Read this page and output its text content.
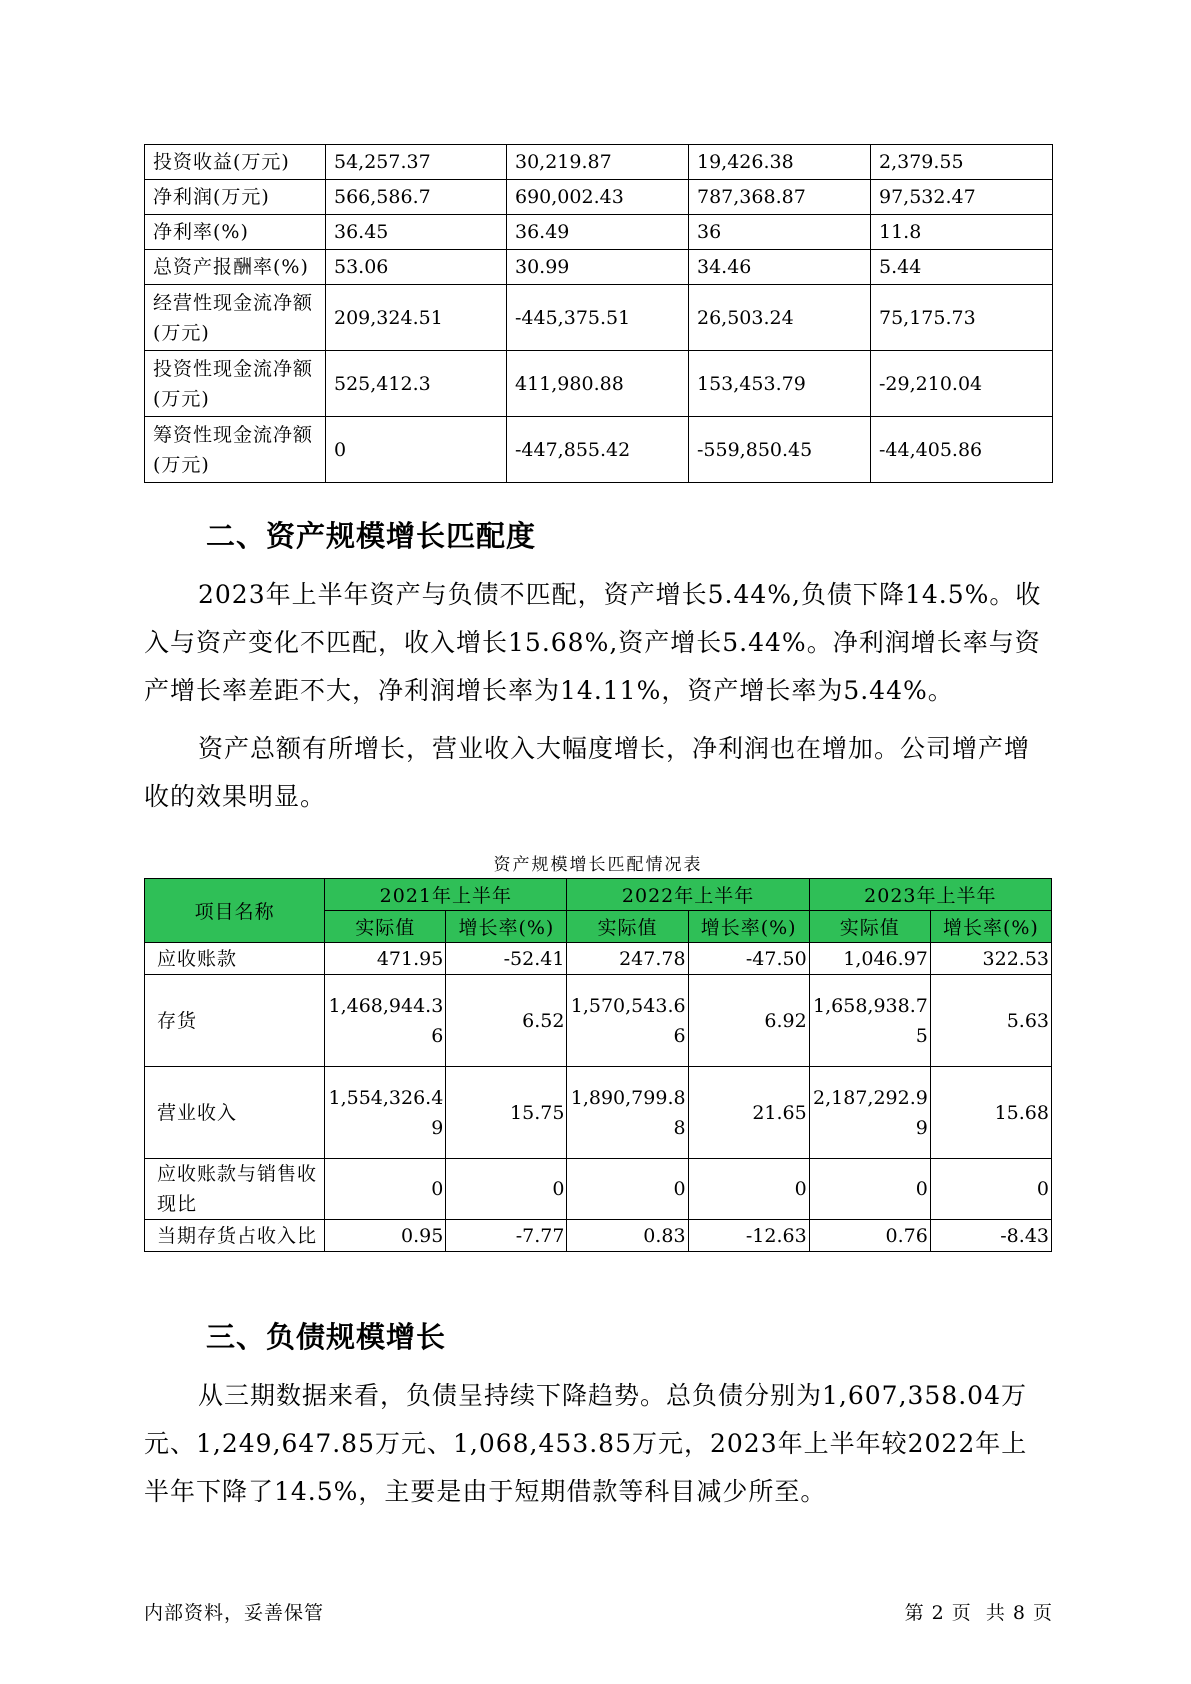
投资收益(万元)	54,257.37	30,219.87	19,426.38	2,379.55
净利润(万元)	566,586.7	690,002.43	787,368.87	97,532.47
净利率(%)	36.45	36.49	36	11.8
总资产报酬率(%)	53.06	30.99	34.46	5.44
经营性现金流净额(万元)	209,324.51	-445,375.51	26,503.24	75,175.73
投资性现金流净额(万元)	525,412.3	411,980.88	153,453.79	-29,210.04
筹资性现金流净额(万元)	0	-447,855.42	-559,850.45	-44,405.86
二、资产规模增长匹配度

2023年上半年资产与负债不匹配，资产增长5.44%,负债下降14.5%。收入与资产变化不匹配，收入增长15.68%,资产增长5.44%。净利润增长率与资产增长率差距不大，净利润增长率为14.11%，资产增长率为5.44%。

资产总额有所增长，营业收入大幅度增长，净利润也在增加。公司增产增收的效果明显。

资产规模增长匹配情况表
项目名称	2021年上半年		2022年上半年		2023年上半年	
	实际值	增长率(%)	实际值	增长率(%)	实际值	增长率(%)
应收账款	471.95	-52.41	247.78	-47.50	1,046.97	322.53
存货	1,468,944.36	6.52	1,570,543.66	6.92	1,658,938.75	5.63
营业收入	1,554,326.49	15.75	1,890,799.88	21.65	2,187,292.99	15.68
应收账款与销售收现比	0	0	0	0	0	0
当期存货占收入比	0.95	-7.77	0.83	-12.63	0.76	-8.43
三、负债规模增长

从三期数据来看，负债呈持续下降趋势。总负债分别为1,607,358.04万元、1,249,647.85万元、1,068,453.85万元，2023年上半年较2022年上半年下降了14.5%，主要是由于短期借款等科目减少所至。

内部资料，妥善保管	第 2 页  共 8 页
